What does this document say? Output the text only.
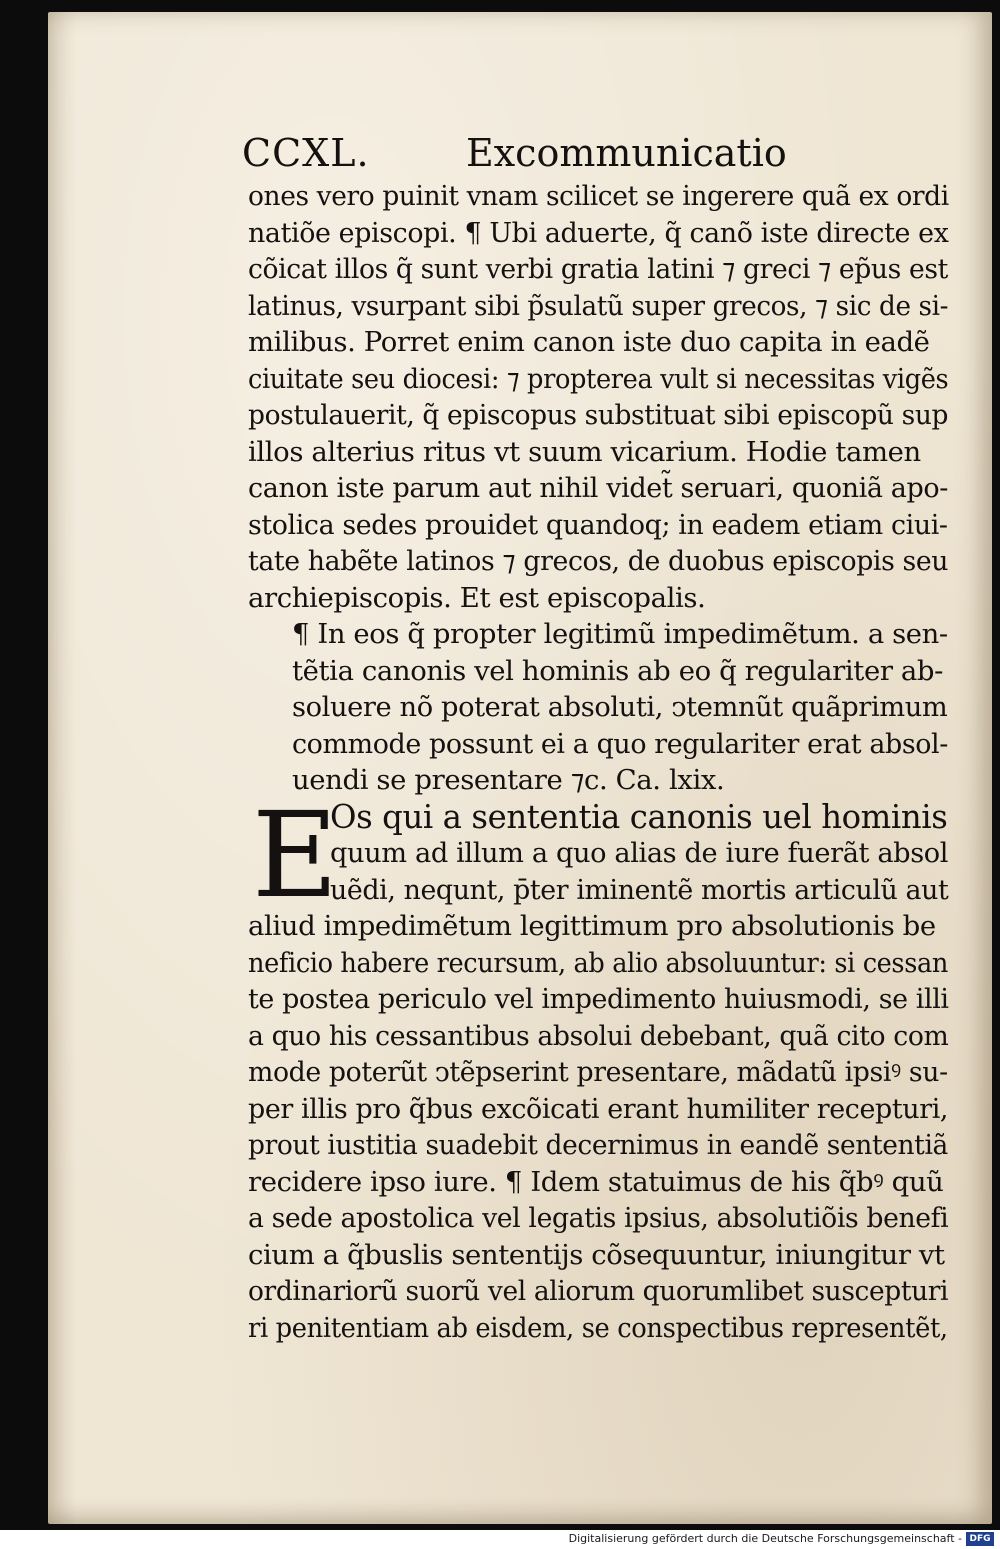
CCXL.	Excommunicatio
ones vero puinit vnam scilicet se ingerere quã ex ordi
natiõe episcopi. ¶ Ubi aduerte, q̃ canõ iste directe ex
cõicat illos q̃ sunt verbi gratia latini ⁊ greci ⁊ ep̃us est
latinus, vsurpant sibi p̃sulatũ super grecos, ⁊ sic de si-
milibus. Porret enim canon iste duo capita in eadẽ
ciuitate seu diocesi: ⁊ propterea vult si necessitas vigẽs
postulauerit, q̃ episcopus substituat sibi episcopũ sup
illos alterius ritus vt suum vicarium. Hodie tamen
canon iste parum aut nihil videt̃ seruari, quoniã apo-
stolica sedes prouidet quandoq; in eadem etiam ciui-
tate habẽte latinos ⁊ grecos, de duobus episcopis seu
archiepiscopis. Et est episcopalis.
¶ In eos q̃ propter legitimũ impedimẽtum. a sen-
tẽtia canonis vel hominis ab eo q̃ regulariter ab-
soluere nõ poterat absoluti, ↄtemnũt quãprimum
commode possunt ei a quo regulariter erat absol-
uendi se presentare ⁊c. Ca. lxix.
E
Os qui a sententia canonis uel hominis
quum ad illum a quo alias de iure fuerãt absol
uẽdi, nequnt, p̄ter iminentẽ mortis articulũ aut
aliud impedimẽtum legittimum pro absolutionis be
neficio habere recursum, ab alio absoluuntur: si cessan
te postea periculo vel impedimento huiusmodi, se illi
a quo his cessantibus absolui debebant, quã cito com
mode poterũt ↄtẽpserint presentare, mãdatũ ipsiꝰ su-
per illis pro q̃bus excõicati erant humiliter recepturi,
prout iustitia suadebit decernimus in eandẽ sententiã
recidere ipso iure. ¶ Idem statuimus de his q̃bꝰ quũ
a sede apostolica vel legatis ipsius, absolutiõis benefi
cium a q̃buslis sententijs cõsequuntur, iniungitur vt
ordinariorũ suorũ vel aliorum quorumlibet suscepturi
ri penitentiam ab eisdem, se conspectibus representẽt,
Digitalisierung gefördert durch die Deutsche Forschungsgemeinschaft - DFG
